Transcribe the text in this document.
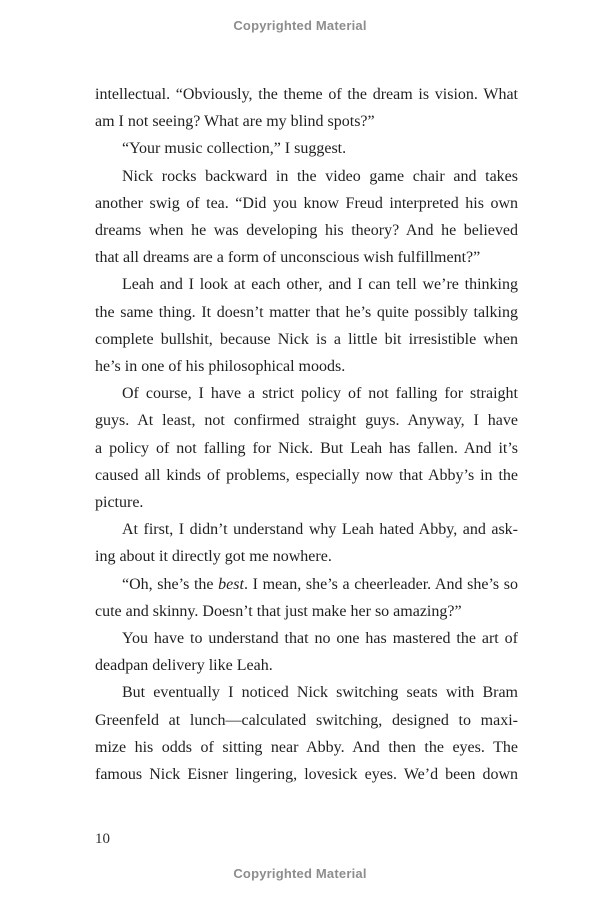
Copyrighted Material
intellectual. “Obviously, the theme of the dream is vision. What
am I not seeing? What are my blind spots?”
“Your music collection,” I suggest.
Nick rocks backward in the video game chair and takes
another swig of tea. “Did you know Freud interpreted his own
dreams when he was developing his theory? And he believed
that all dreams are a form of unconscious wish fulfillment?”
Leah and I look at each other, and I can tell we’re thinking
the same thing. It doesn’t matter that he’s quite possibly talking
complete bullshit, because Nick is a little bit irresistible when
he’s in one of his philosophical moods.
Of course, I have a strict policy of not falling for straight
guys. At least, not confirmed straight guys. Anyway, I have
a policy of not falling for Nick. But Leah has fallen. And it’s
caused all kinds of problems, especially now that Abby’s in the
picture.
At first, I didn’t understand why Leah hated Abby, and ask-
ing about it directly got me nowhere.
“Oh, she’s the best. I mean, she’s a cheerleader. And she’s so
cute and skinny. Doesn’t that just make her so amazing?”
You have to understand that no one has mastered the art of
deadpan delivery like Leah.
But eventually I noticed Nick switching seats with Bram
Greenfeld at lunch—calculated switching, designed to maxi-
mize his odds of sitting near Abby. And then the eyes. The
famous Nick Eisner lingering, lovesick eyes. We’d been down
10
Copyrighted Material
